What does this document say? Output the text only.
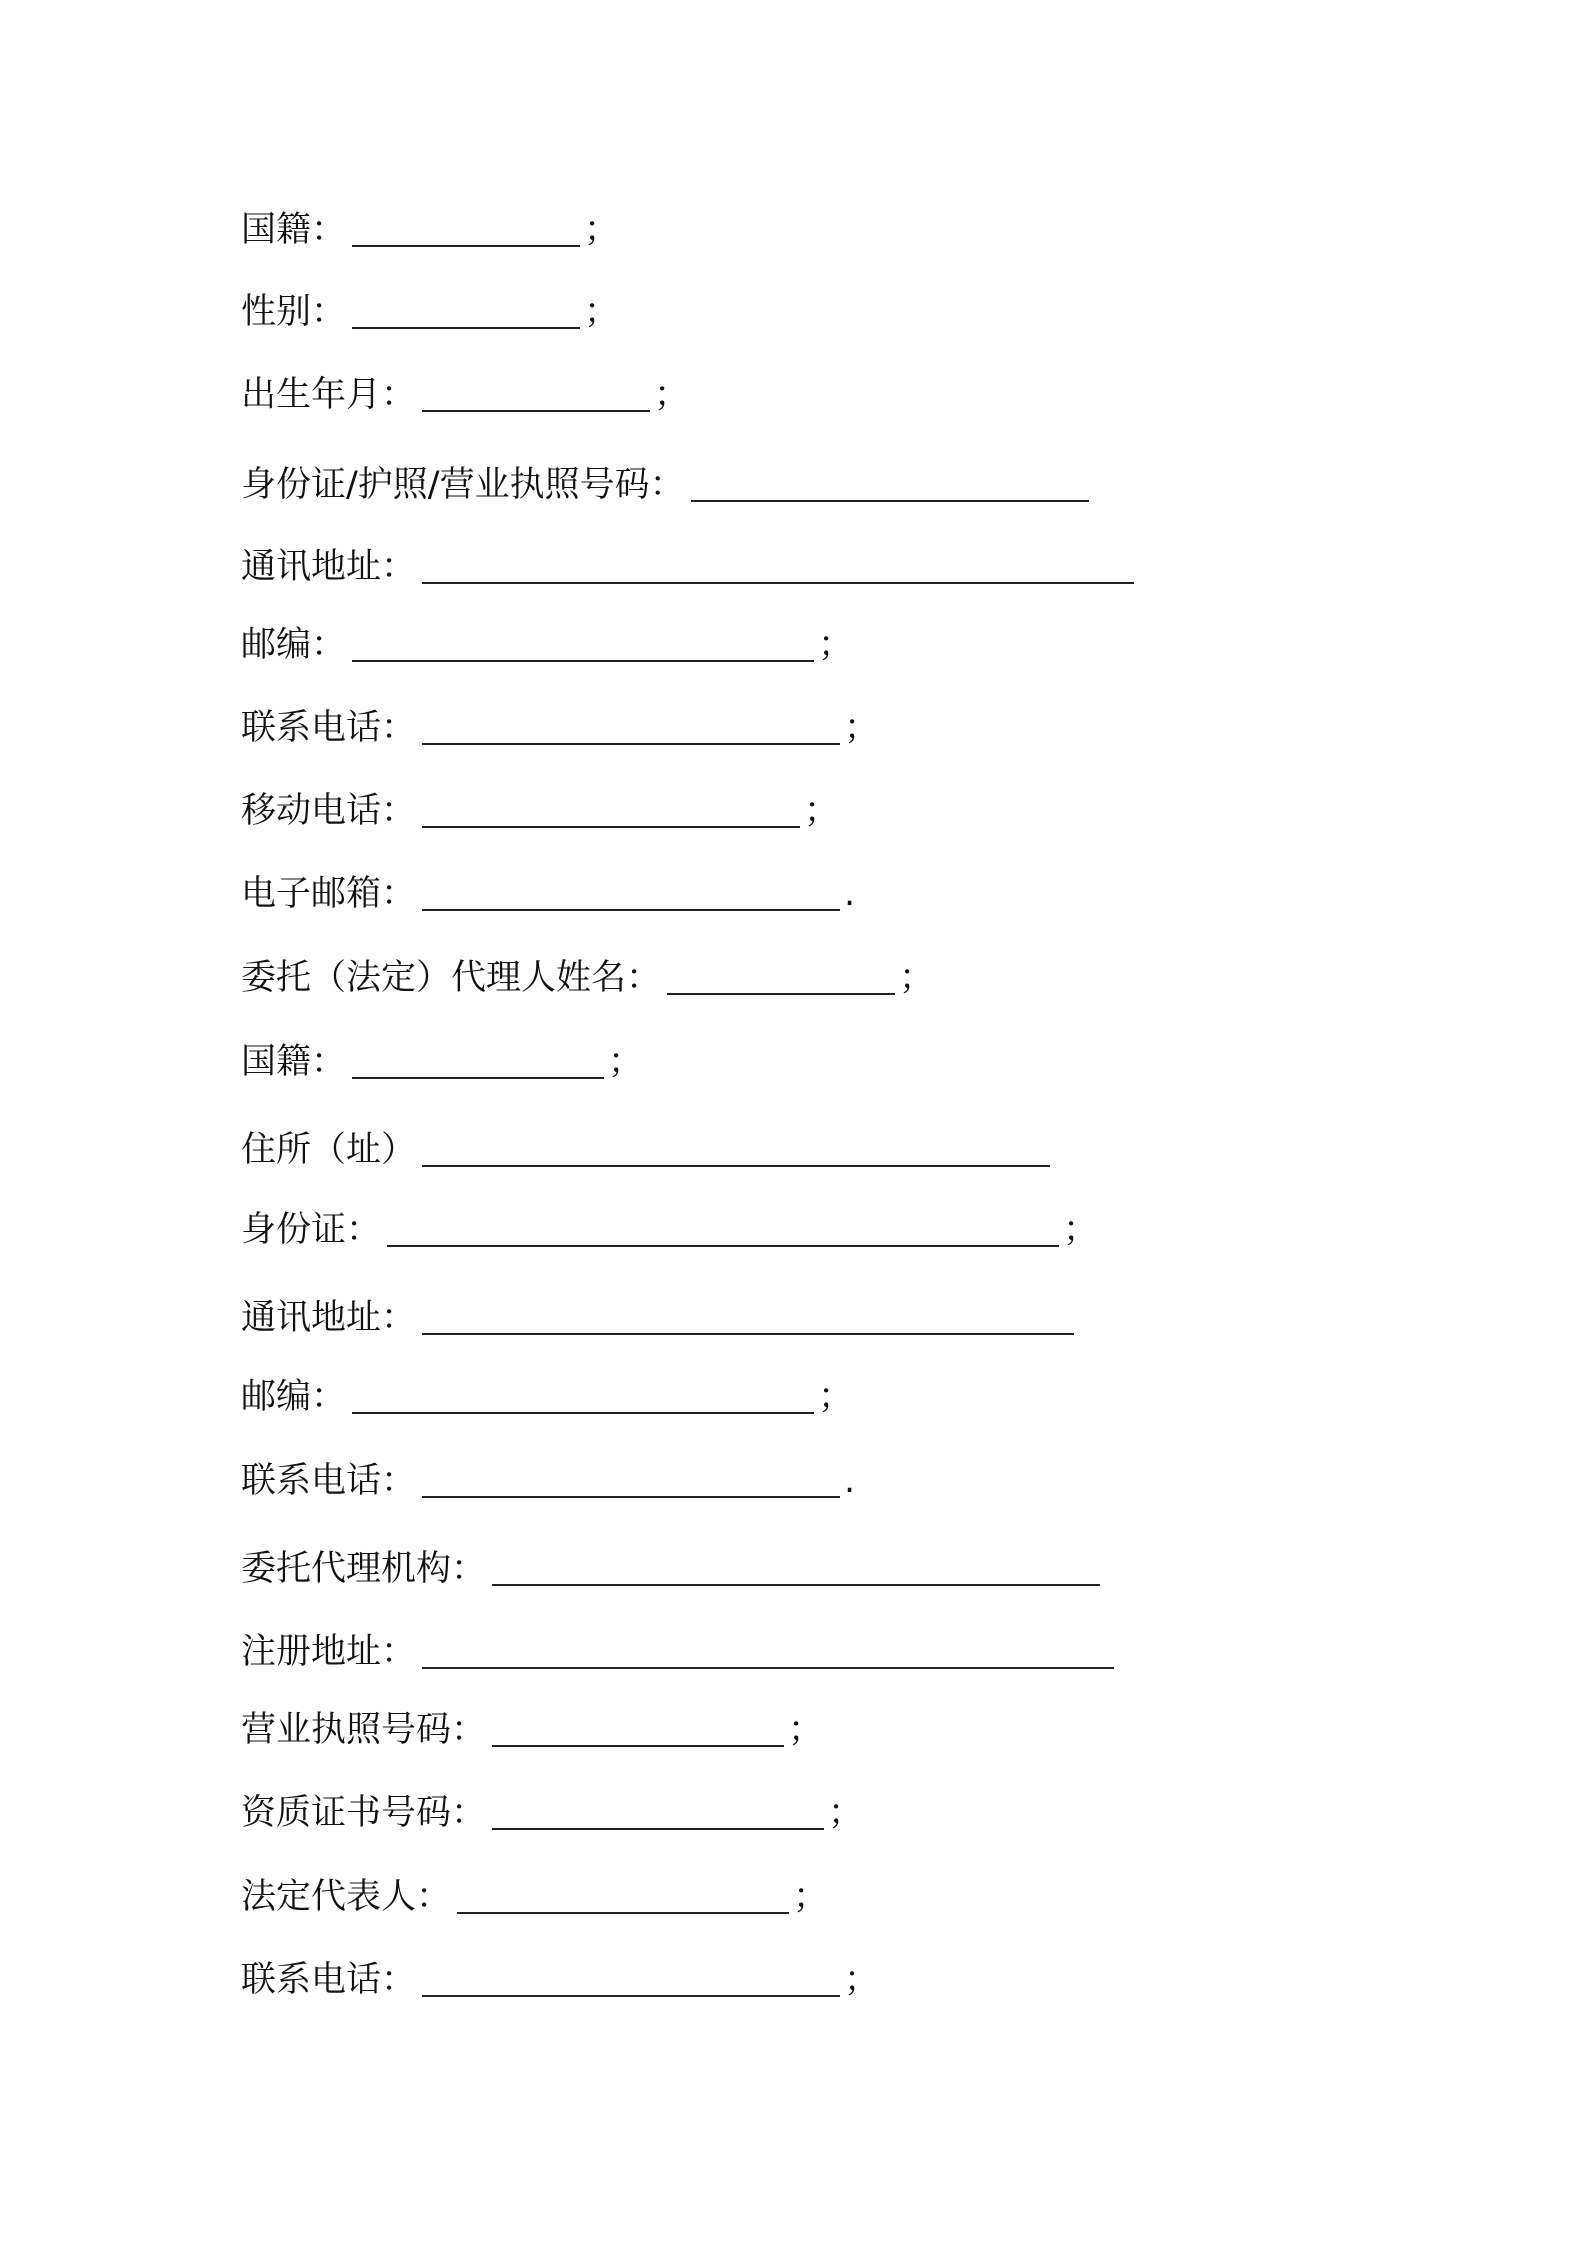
国籍：	；
性别：	；
出生年月：	；
身份证/护照/营业执照号码：
通讯地址：
邮编：	；
联系电话：	；
移动电话：	；
电子邮箱：	.
委托（法定）代理人姓名：	；
国籍：	；
住所（址）
身份证：	；
通讯地址：
邮编：	；
联系电话：	.
委托代理机构：
注册地址：
营业执照号码：	；
资质证书号码：	；
法定代表人：	；
联系电话：	；
